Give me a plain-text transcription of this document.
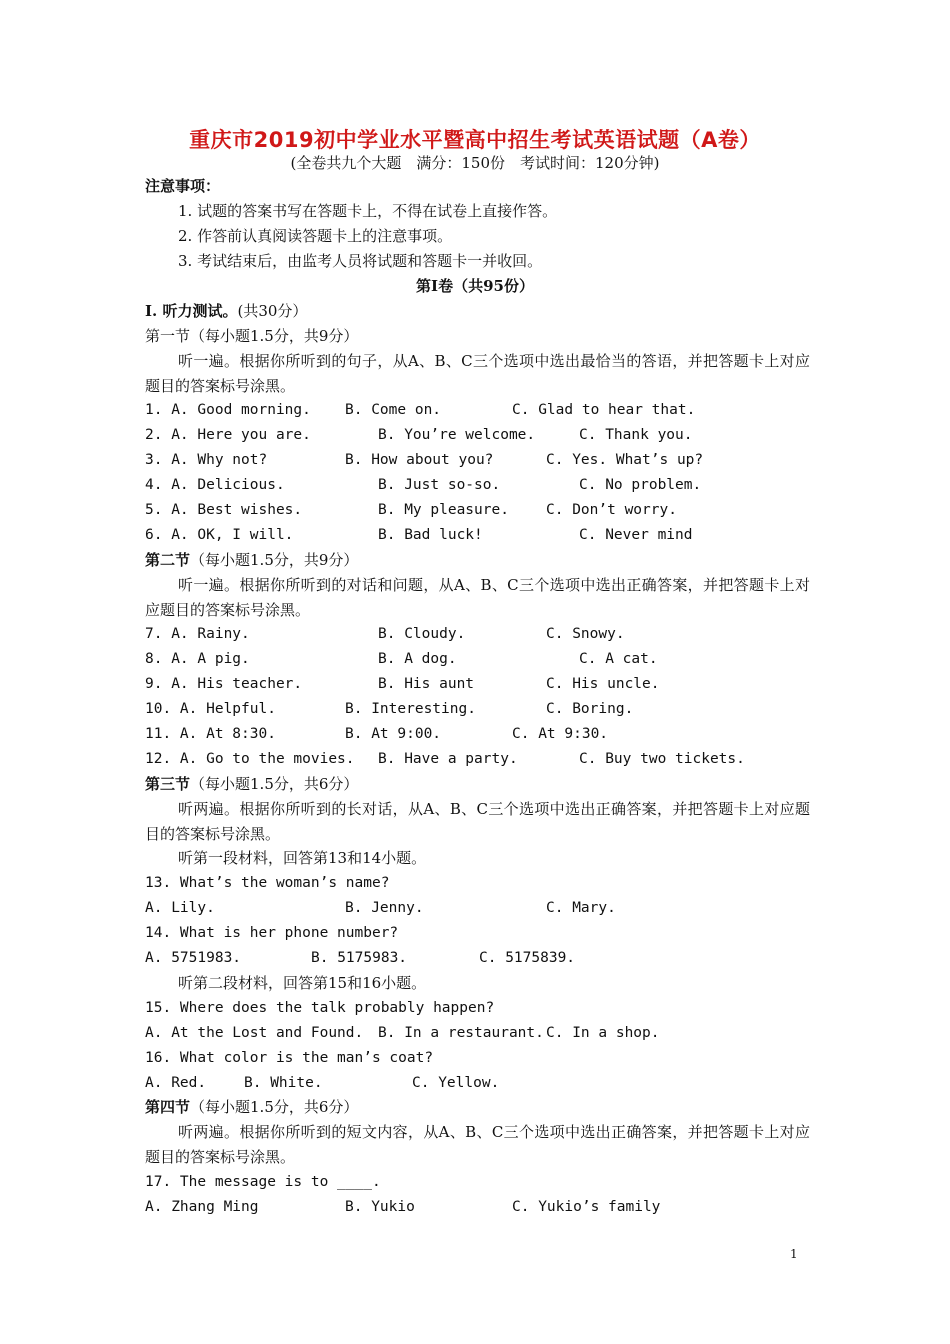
重庆市2019初中学业水平暨高中招生考试英语试题（A卷）
(全卷共九个大题　满分：150份　考试时间：120分钟)
注意事项：
1. 试题的答案书写在答题卡上，不得在试卷上直接作答。
2. 作答前认真阅读答题卡上的注意事项。
3. 考试结束后，由监考人员将试题和答题卡一并收回。
第I卷（共95份）
I. 听力测试。(共30分）
第一节（每小题1.5分，共9分）
听一遍。根据你所听到的句子，从A、B、C三个选项中选出最恰当的答语，并把答题卡上对应题目的答案标号涂黑。
1. A. Good morning. B. Come on.	C. Glad to hear that.
2. A. Here you are.	B. You’re welcome.	C. Thank you.
3. A. Why not?	B. How about you?	C. Yes. What’s up?
4. A. Delicious.	B. Just so-so.	C. No problem.
5. A. Best wishes.	B. My pleasure.	C. Don’t worry.
6. A. OK, I will.	B. Bad luck!	C. Never mind
第二节（每小题1.5分，共9分）
听一遍。根据你所听到的对话和问题，从A、B、C三个选项中选出正确答案，并把答题卡上对应题目的答案标号涂黑。
7. A. Rainy.	B. Cloudy.	C. Snowy.
8. A. A pig.	B. A dog.	C. A cat.
9. A. His teacher.	B. His aunt	C. His uncle.
10. A. Helpful.	B. Interesting.	C. Boring.
11. A. At 8:30.	B. At 9:00.	C. At 9:30.
12. A. Go to the movies. B. Have a party.	C. Buy two tickets.
第三节（每小题1.5分，共6分）
听两遍。根据你所听到的长对话，从A、B、C三个选项中选出正确答案，并把答题卡上对应题目的答案标号涂黑。
听第一段材料，回答第13和14小题。
13. What’s the woman’s name?
A. Lily.	B. Jenny.	C. Mary.
14. What is her phone number?
A. 5751983.	B. 5175983.	C. 5175839.
听第二段材料，回答第15和16小题。
15. Where does the talk probably happen?
A. At the Lost and Found. B. In a restaurant. C. In a shop.
16. What color is the man’s coat?
A. Red.	B. White.	C. Yellow.
第四节（每小题1.5分，共6分）
听两遍。根据你所听到的短文内容，从A、B、C三个选项中选出正确答案，并把答题卡上对应题目的答案标号涂黑。
17. The message is to ____.
A. Zhang Ming	B. Yukio	C. Yukio’s family
1
